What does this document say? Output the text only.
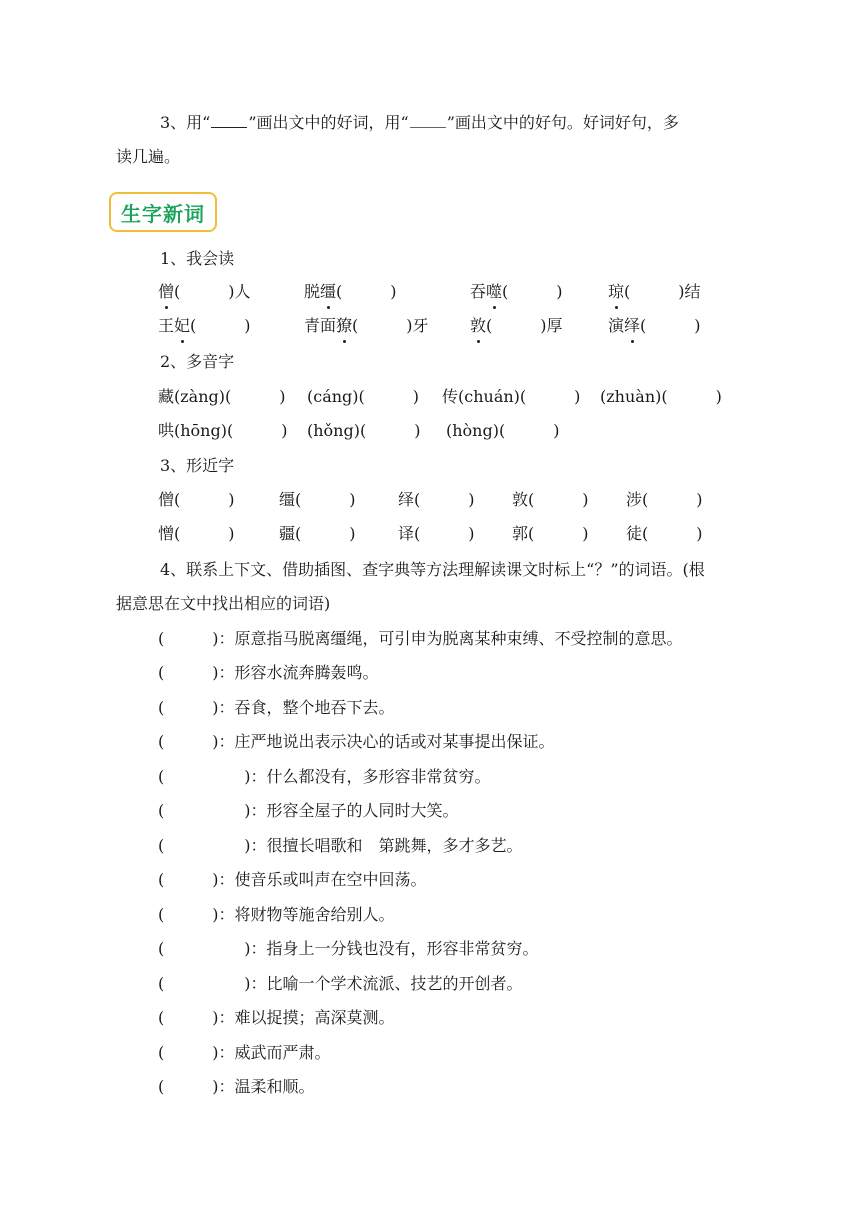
3、用“ ”画出文中的好词，用“ ”画出文中的好句。好词好句，多
读几遍。
生字新词
1、我会读
僧(　　　)人	脱缰(　　　)	吞噬(　　　)	琼(　　　)结
王妃(　　　)	青面獠(　　　)牙	敦(　　　)厚	演绎(　　　)
2、多音字
藏(zàng)(　　　) (cáng)(　　　) 传(chuán)(　　　) (zhuàn)(　　　)
哄(hōng)(　　　) (hǒng)(　　　) (hòng)(　　　)
3、形近字
僧(　　　)	缰(　　　)	绎(　　　) 敦(　　　) 涉(　　　)
憎(　　　)	疆(　　　)	译(　　　) 郭(　　　) 徒(　　　)
4、联系上下文、借助插图、查字典等方法理解读课文时标上“？”的词语。(根
据意思在文中找出相应的词语)
(　　　)：原意指马脱离缰绳，可引申为脱离某种束缚、不受控制的意思。
(　　　)：形容水流奔腾轰鸣。
(　　　)：吞食，整个地吞下去。
(　　　)：庄严地说出表示决心的话或对某事提出保证。
(　　　　　)：什么都没有，多形容非常贫穷。
(　　　　　)：形容全屋子的人同时大笑。
(　　　　　)：很擅长唱歌和　第跳舞，多才多艺。
(　　　)：使音乐或叫声在空中回荡。
(　　　)：将财物等施舍给别人。
(　　　　　)：指身上一分钱也没有，形容非常贫穷。
(　　　　　)：比喻一个学术流派、技艺的开创者。
(　　　)：难以捉摸；高深莫测。
(　　　)：威武而严肃。
(　　　)：温柔和顺。
